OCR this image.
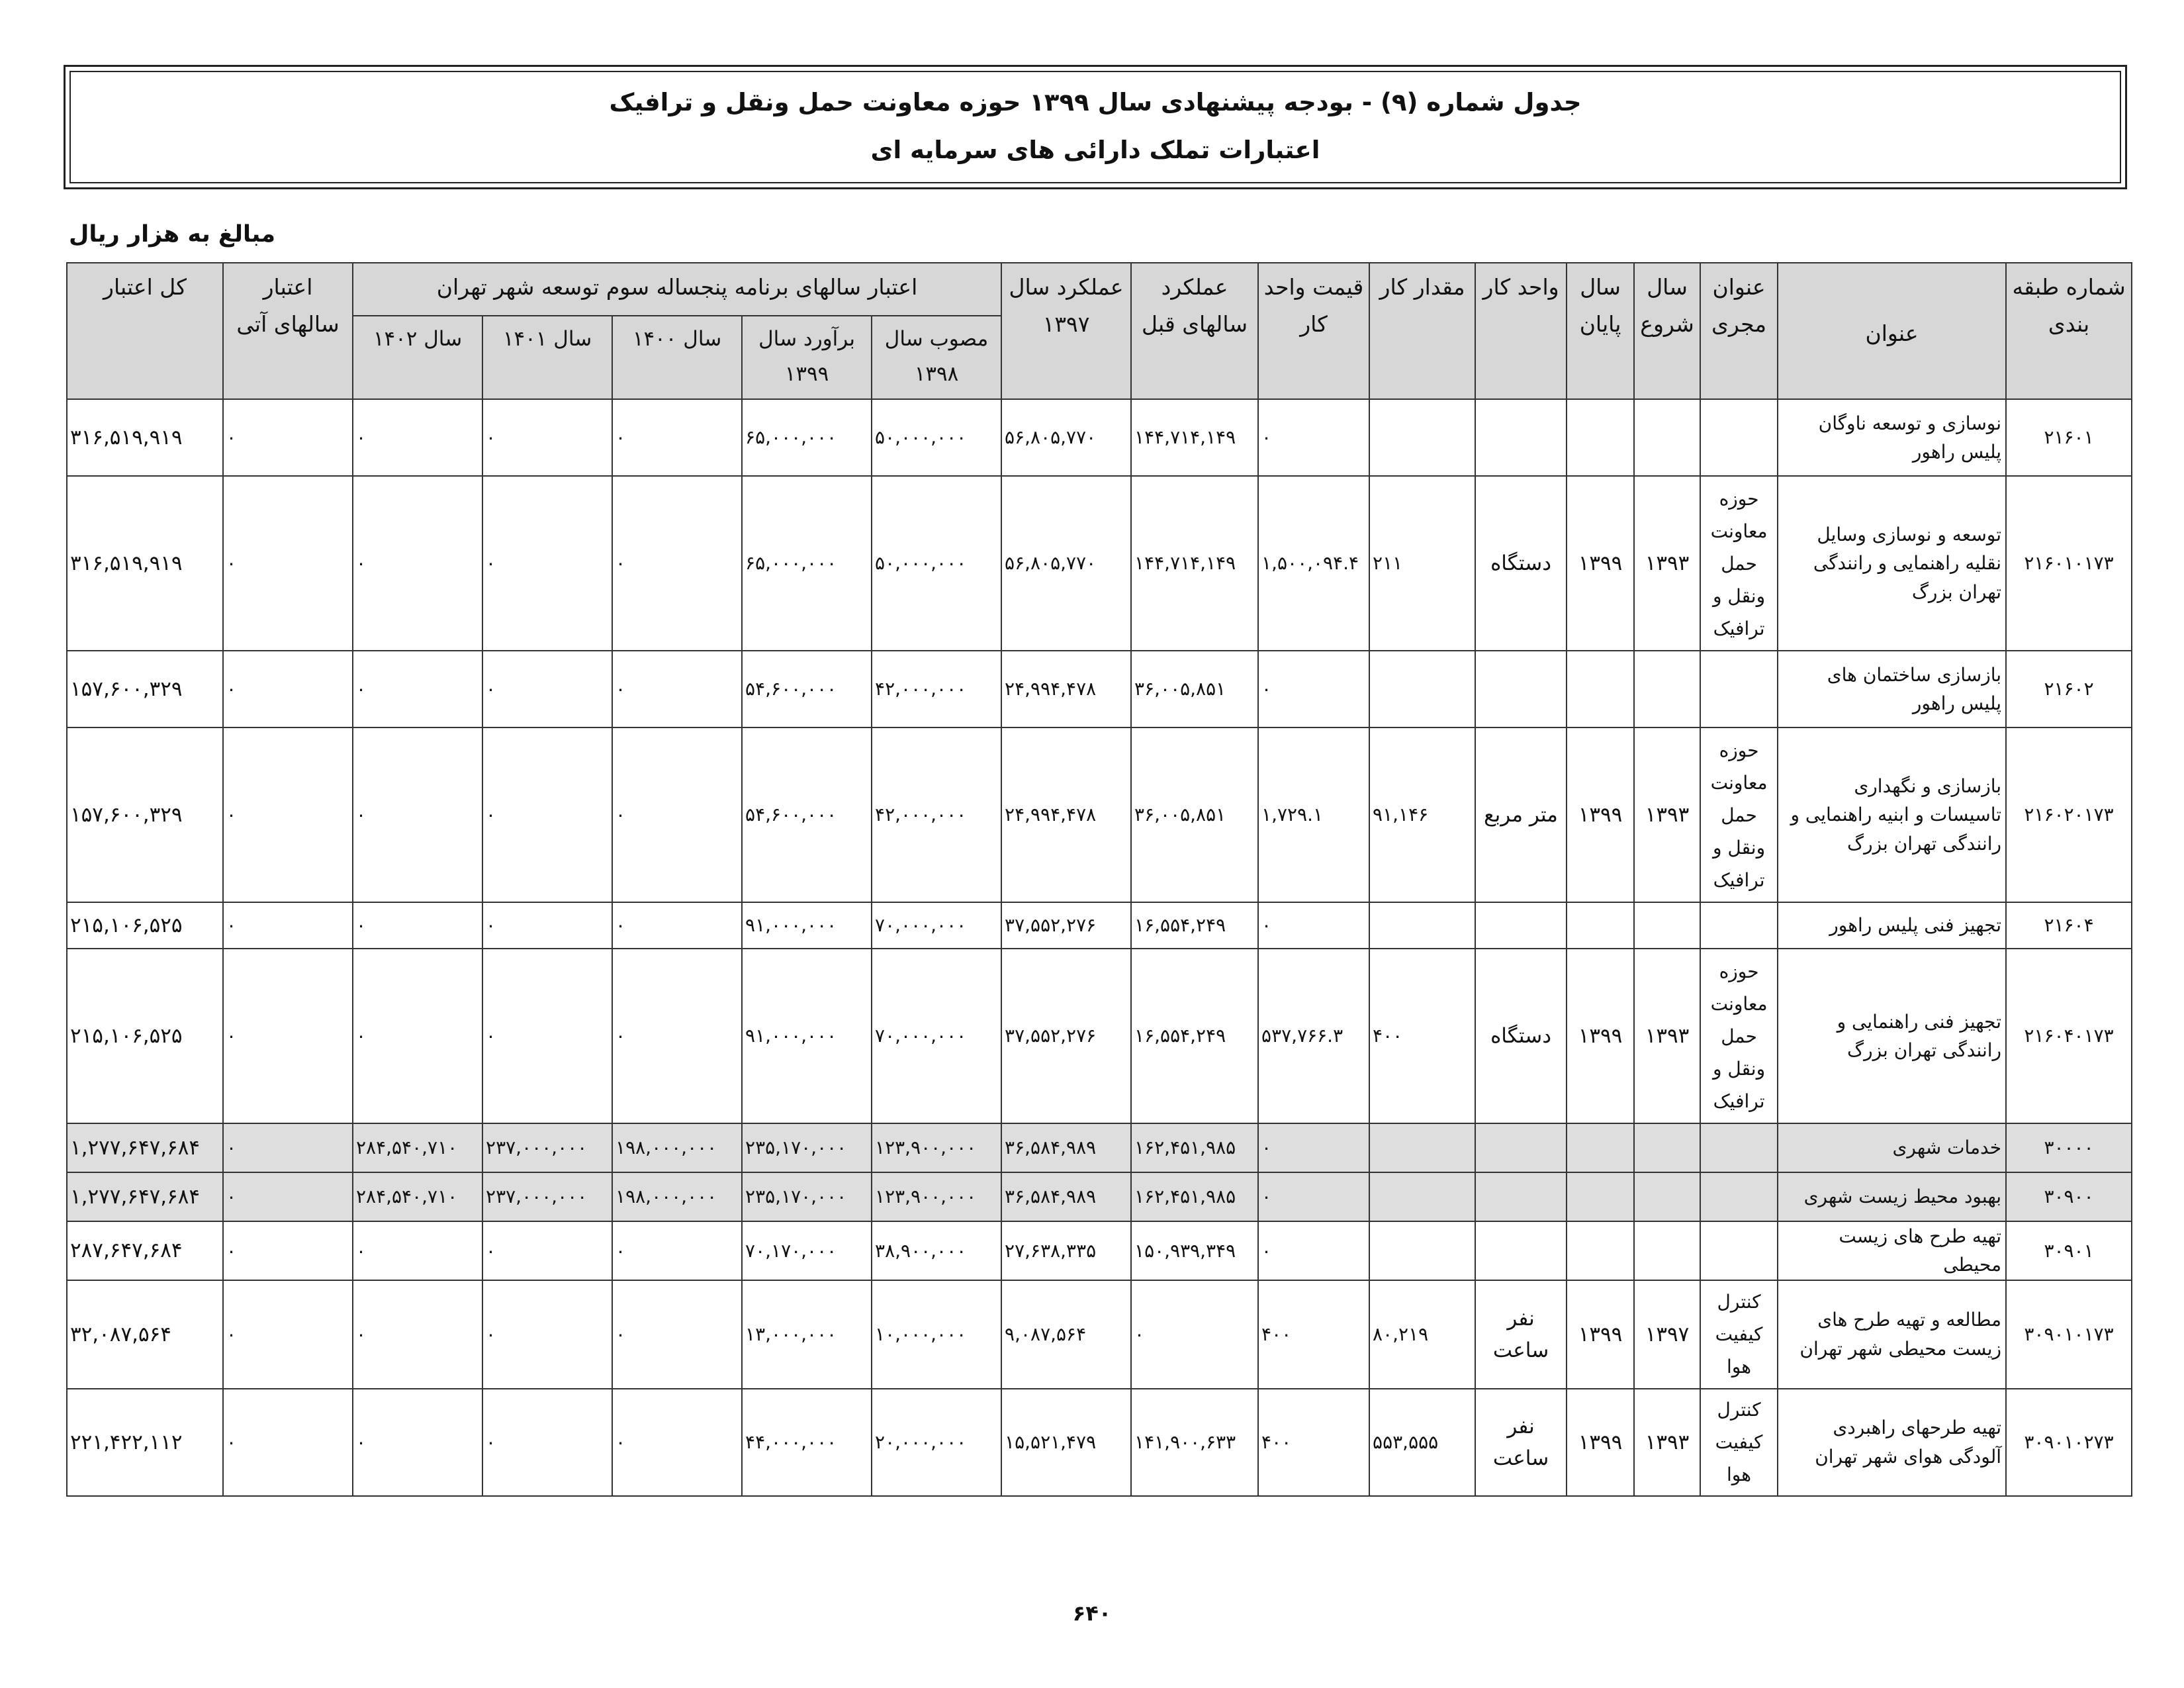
جدول شماره (۹) - بودجه پیشنهادی سال ۱۳۹۹ حوزه معاونت حمل ونقل و ترافیک
اعتبارات تملک دارائی های سرمایه ای
مبالغ به هزار ریال
شماره طبقه بندی	عنوان	عنوان مجری	سال شروع	سال پایان	واحد کار	مقدار کار	قیمت واحد کار	عملکرد سالهای قبل	عملکرد سال ۱۳۹۷	اعتبار سالهای برنامه پنجساله سوم توسعه شهر تهران					اعتبار سالهای آتی	کل اعتبار
										مصوب سال ۱۳۹۸	برآورد سال ۱۳۹۹	سال ۱۴۰۰	سال ۱۴۰۱	سال ۱۴۰۲		
۲۱۶۰۱	نوسازی و توسعه ناوگان پلیس راهور						۰	۱۴۴,۷۱۴,۱۴۹	۵۶,۸۰۵,۷۷۰	۵۰,۰۰۰,۰۰۰	۶۵,۰۰۰,۰۰۰	۰	۰	۰	۰	۳۱۶,۵۱۹,۹۱۹
۲۱۶۰۱۰۱۷۳	توسعه و نوسازی وسایل نقلیه راهنمایی و رانندگی تهران بزرگ	حوزه معاونت حمل ونقل و ترافیک	۱۳۹۳	۱۳۹۹	دستگاه	۲۱۱	۱,۵۰۰,۰۹۴.۴	۱۴۴,۷۱۴,۱۴۹	۵۶,۸۰۵,۷۷۰	۵۰,۰۰۰,۰۰۰	۶۵,۰۰۰,۰۰۰	۰	۰	۰	۰	۳۱۶,۵۱۹,۹۱۹
۲۱۶۰۲	بازسازی ساختمان های پلیس راهور						۰	۳۶,۰۰۵,۸۵۱	۲۴,۹۹۴,۴۷۸	۴۲,۰۰۰,۰۰۰	۵۴,۶۰۰,۰۰۰	۰	۰	۰	۰	۱۵۷,۶۰۰,۳۲۹
۲۱۶۰۲۰۱۷۳	بازسازی و نگهداری تاسیسات و ابنیه راهنمایی و رانندگی تهران بزرگ	حوزه معاونت حمل ونقل و ترافیک	۱۳۹۳	۱۳۹۹	متر مربع	۹۱,۱۴۶	۱,۷۲۹.۱	۳۶,۰۰۵,۸۵۱	۲۴,۹۹۴,۴۷۸	۴۲,۰۰۰,۰۰۰	۵۴,۶۰۰,۰۰۰	۰	۰	۰	۰	۱۵۷,۶۰۰,۳۲۹
۲۱۶۰۴	تجهیز فنی پلیس راهور						۰	۱۶,۵۵۴,۲۴۹	۳۷,۵۵۲,۲۷۶	۷۰,۰۰۰,۰۰۰	۹۱,۰۰۰,۰۰۰	۰	۰	۰	۰	۲۱۵,۱۰۶,۵۲۵
۲۱۶۰۴۰۱۷۳	تجهیز فنی راهنمایی و رانندگی تهران بزرگ	حوزه معاونت حمل ونقل و ترافیک	۱۳۹۳	۱۳۹۹	دستگاه	۴۰۰	۵۳۷,۷۶۶.۳	۱۶,۵۵۴,۲۴۹	۳۷,۵۵۲,۲۷۶	۷۰,۰۰۰,۰۰۰	۹۱,۰۰۰,۰۰۰	۰	۰	۰	۰	۲۱۵,۱۰۶,۵۲۵
۳۰۰۰۰	خدمات شهری						۰	۱۶۲,۴۵۱,۹۸۵	۳۶,۵۸۴,۹۸۹	۱۲۳,۹۰۰,۰۰۰	۲۳۵,۱۷۰,۰۰۰	۱۹۸,۰۰۰,۰۰۰	۲۳۷,۰۰۰,۰۰۰	۲۸۴,۵۴۰,۷۱۰	۰	۱,۲۷۷,۶۴۷,۶۸۴
۳۰۹۰۰	بهبود محیط زیست شهری						۰	۱۶۲,۴۵۱,۹۸۵	۳۶,۵۸۴,۹۸۹	۱۲۳,۹۰۰,۰۰۰	۲۳۵,۱۷۰,۰۰۰	۱۹۸,۰۰۰,۰۰۰	۲۳۷,۰۰۰,۰۰۰	۲۸۴,۵۴۰,۷۱۰	۰	۱,۲۷۷,۶۴۷,۶۸۴
۳۰۹۰۱	تهیه طرح های زیست محیطی						۰	۱۵۰,۹۳۹,۳۴۹	۲۷,۶۳۸,۳۳۵	۳۸,۹۰۰,۰۰۰	۷۰,۱۷۰,۰۰۰	۰	۰	۰	۰	۲۸۷,۶۴۷,۶۸۴
۳۰۹۰۱۰۱۷۳	مطالعه و تهیه طرح های زیست محیطی شهر تهران	کنترل کیفیت هوا	۱۳۹۷	۱۳۹۹	نفر ساعت	۸۰,۲۱۹	۴۰۰	۰	۹,۰۸۷,۵۶۴	۱۰,۰۰۰,۰۰۰	۱۳,۰۰۰,۰۰۰	۰	۰	۰	۰	۳۲,۰۸۷,۵۶۴
۳۰۹۰۱۰۲۷۳	تهیه طرحهای راهبردی آلودگی هوای شهر تهران	کنترل کیفیت هوا	۱۳۹۳	۱۳۹۹	نفر ساعت	۵۵۳,۵۵۵	۴۰۰	۱۴۱,۹۰۰,۶۳۳	۱۵,۵۲۱,۴۷۹	۲۰,۰۰۰,۰۰۰	۴۴,۰۰۰,۰۰۰	۰	۰	۰	۰	۲۲۱,۴۲۲,۱۱۲
۶۴۰
